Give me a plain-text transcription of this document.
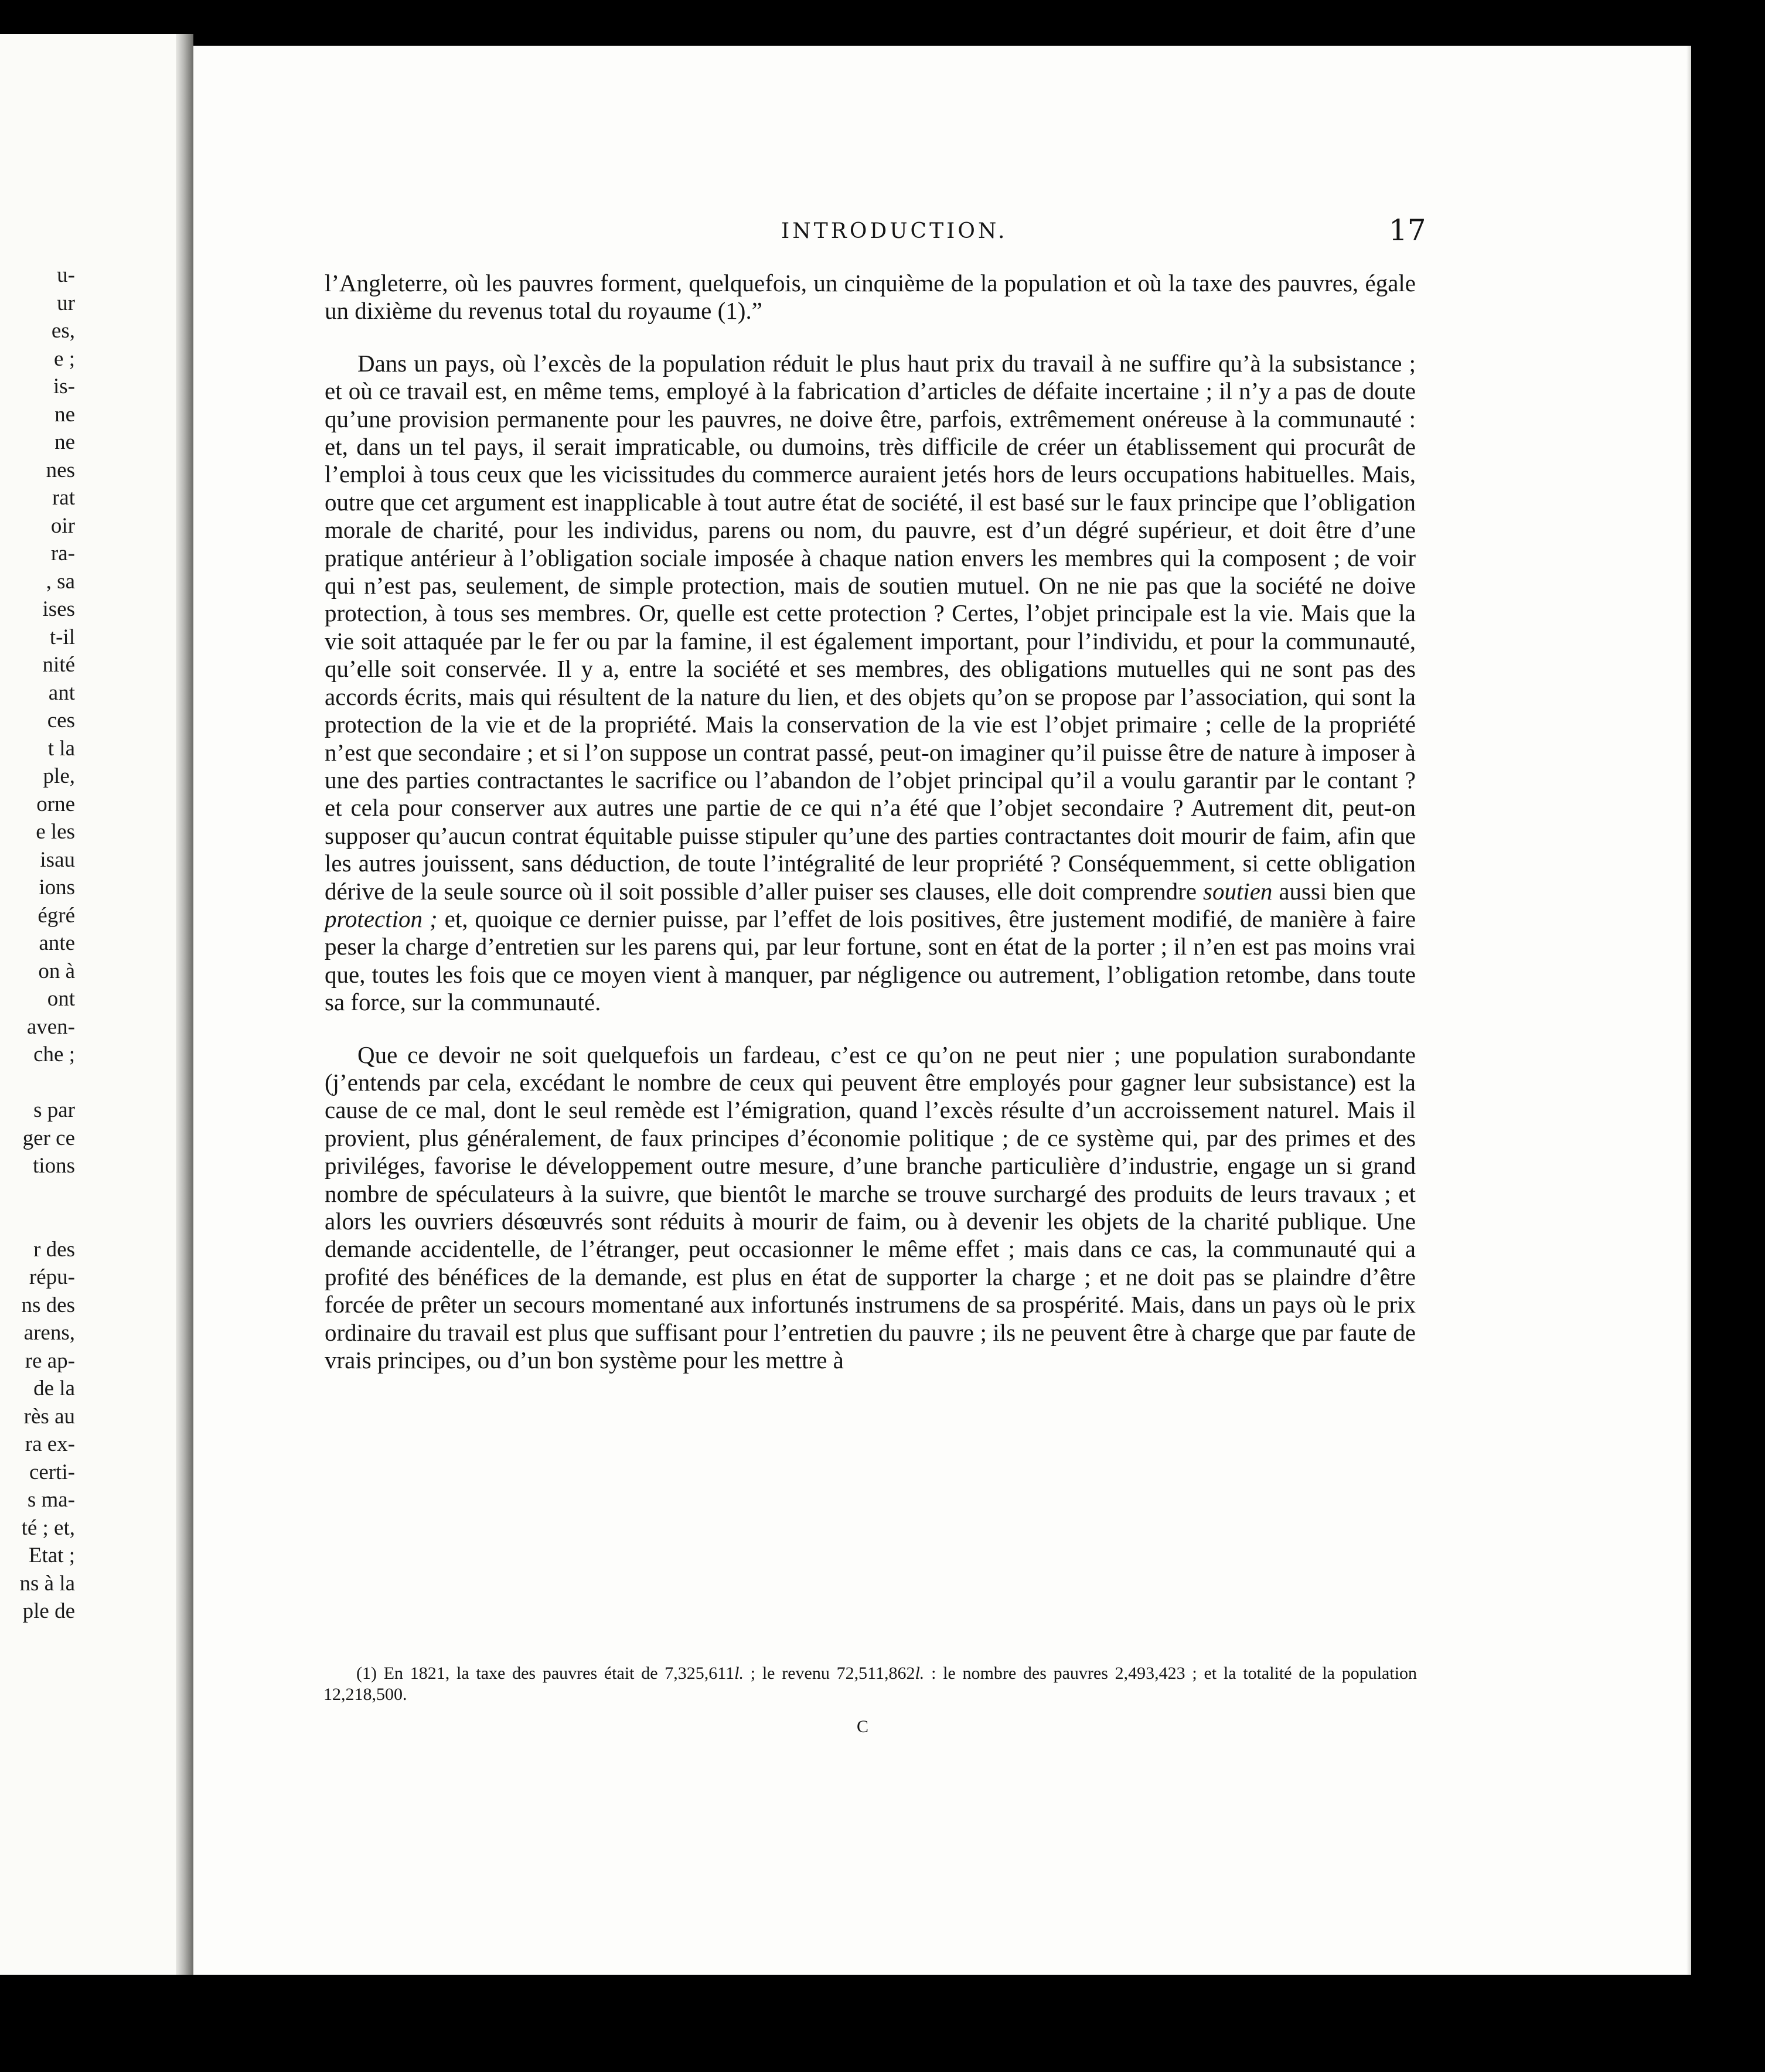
u-
ur
es,
e ;
is-
ne
ne
nes
rat
oir
ra-
, sa
ises
t-il
nité
ant
ces
t la
ple,
orne
e les
isau
ions
égré
ante
on à
ont
aven-
che ;
s par
ger ce
tions
r des
répu-
ns des
arens,
re ap-
de la
rès au
ra ex-
certi-
s ma-
té ; et,
Etat ;
ns à la
ple de
INTRODUCTION.	17

l’Angleterre, où les pauvres forment, quelquefois, un cinquième de la population et où la taxe des pauvres, égale un dixième du revenus total du royaume (1).”

Dans un pays, où l’excès de la population réduit le plus haut prix du travail à ne suffire qu’à la subsistance ; et où ce travail est, en même tems, employé à la fabrication d’articles de défaite incertaine ; il n’y a pas de doute qu’une provision permanente pour les pauvres, ne doive être, parfois, extrêmement onéreuse à la communauté : et, dans un tel pays, il serait impraticable, ou dumoins, très difficile de créer un établissement qui procurât de l’emploi à tous ceux que les vicissitudes du commerce auraient jetés hors de leurs occupations habituelles. Mais, outre que cet argument est inapplicable à tout autre état de société, il est basé sur le faux principe que l’obligation morale de charité, pour les individus, parens ou nom, du pauvre, est d’un dégré supérieur, et doit être d’une pratique antérieur à l’obligation sociale imposée à chaque nation envers les membres qui la composent ; de voir qui n’est pas, seulement, de simple protection, mais de soutien mutuel. On ne nie pas que la société ne doive protection, à tous ses membres. Or, quelle est cette protection ? Certes, l’objet principale est la vie. Mais que la vie soit attaquée par le fer ou par la famine, il est également important, pour l’individu, et pour la communauté, qu’elle soit conservée. Il y a, entre la société et ses membres, des obligations mutuelles qui ne sont pas des accords écrits, mais qui résultent de la nature du lien, et des objets qu’on se propose par l’association, qui sont la protection de la vie et de la propriété. Mais la conservation de la vie est l’objet primaire ; celle de la propriété n’est que secondaire ; et si l’on suppose un contrat passé, peut-on imaginer qu’il puisse être de nature à imposer à une des parties contractantes le sacrifice ou l’abandon de l’objet principal qu’il a voulu garantir par le contant ? et cela pour conserver aux autres une partie de ce qui n’a été que l’objet secondaire ? Autrement dit, peut-on supposer qu’aucun contrat équitable puisse stipuler qu’une des parties contractantes doit mourir de faim, afin que les autres jouissent, sans déduction, de toute l’intégralité de leur propriété ? Conséquemment, si cette obligation dérive de la seule source où il soit possible d’aller puiser ses clauses, elle doit comprendre soutien aussi bien que protection ; et, quoique ce dernier puisse, par l’effet de lois positives, être justement modifié, de manière à faire peser la charge d’entretien sur les parens qui, par leur fortune, sont en état de la porter ; il n’en est pas moins vrai que, toutes les fois que ce moyen vient à manquer, par négligence ou autrement, l’obligation retombe, dans toute sa force, sur la communauté.

Que ce devoir ne soit quelquefois un fardeau, c’est ce qu’on ne peut nier ; une population surabondante (j’entends par cela, excédant le nombre de ceux qui peuvent être employés pour gagner leur subsistance) est la cause de ce mal, dont le seul remède est l’émigration, quand l’excès résulte d’un accroissement naturel. Mais il provient, plus généralement, de faux principes d’économie politique ; de ce système qui, par des primes et des priviléges, favorise le développement outre mesure, d’une branche particulière d’industrie, engage un si grand nombre de spéculateurs à la suivre, que bientôt le marche se trouve surchargé des produits de leurs travaux ; et alors les ouvriers désœuvrés sont réduits à mourir de faim, ou à devenir les objets de la charité publique. Une demande accidentelle, de l’étranger, peut occasionner le même effet ; mais dans ce cas, la communauté qui a profité des bénéfices de la demande, est plus en état de supporter la charge ; et ne doit pas se plaindre d’être forcée de prêter un secours momentané aux infortunés instrumens de sa prospérité. Mais, dans un pays où le prix ordinaire du travail est plus que suffisant pour l’entretien du pauvre ; ils ne peuvent être à charge que par faute de vrais principes, ou d’un bon système pour les mettre à

(1) En 1821, la taxe des pauvres était de 7,325,611l. ; le revenu 72,511,862l. : le nombre des pauvres 2,493,423 ; et la totalité de la population 12,218,500.
C
